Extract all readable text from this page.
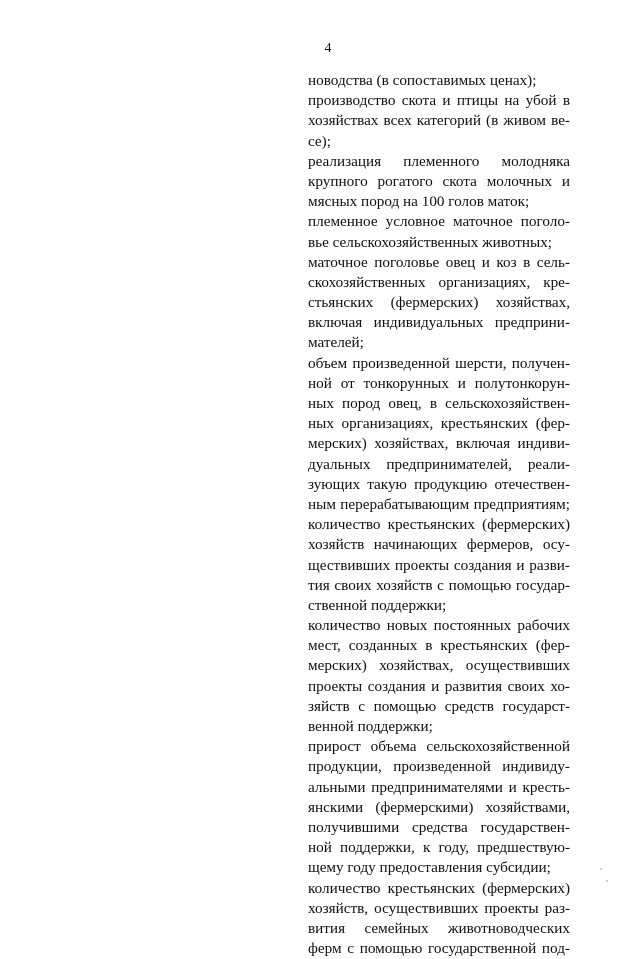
4
новодства (в сопоставимых ценах);
производство скота и птицы на убой в
хозяйствах всех категорий (в живом ве-
се);
реализация племенного молодняка
крупного рогатого скота молочных и
мясных пород на 100 голов маток;
племенное условное маточное поголо-
вье сельскохозяйственных животных;
маточное поголовье овец и коз в сель-
скохозяйственных организациях, кре-
стьянских (фермерских) хозяйствах,
включая индивидуальных предприни-
мателей;
объем произведенной шерсти, получен-
ной от тонкорунных и полутонкорун-
ных пород овец, в сельскохозяйствен-
ных организациях, крестьянских (фер-
мерских) хозяйствах, включая индиви-
дуальных предпринимателей, реали-
зующих такую продукцию отечествен-
ным перерабатывающим предприятиям;
количество крестьянских (фермерских)
хозяйств начинающих фермеров, осу-
ществивших проекты создания и разви-
тия своих хозяйств с помощью государ-
ственной поддержки;
количество новых постоянных рабочих
мест, созданных в крестьянских (фер-
мерских) хозяйствах, осуществивших
проекты создания и развития своих хо-
зяйств с помощью средств государст-
венной поддержки;
прирост объема сельскохозяйственной
продукции, произведенной индивиду-
альными предпринимателями и кресть-
янскими (фермерскими) хозяйствами,
получившими средства государствен-
ной поддержки, к году, предшествую-
щему году предоставления субсидии;
количество крестьянских (фермерских)
хозяйств, осуществивших проекты раз-
вития семейных животноводческих
ферм с помощью государственной под-
